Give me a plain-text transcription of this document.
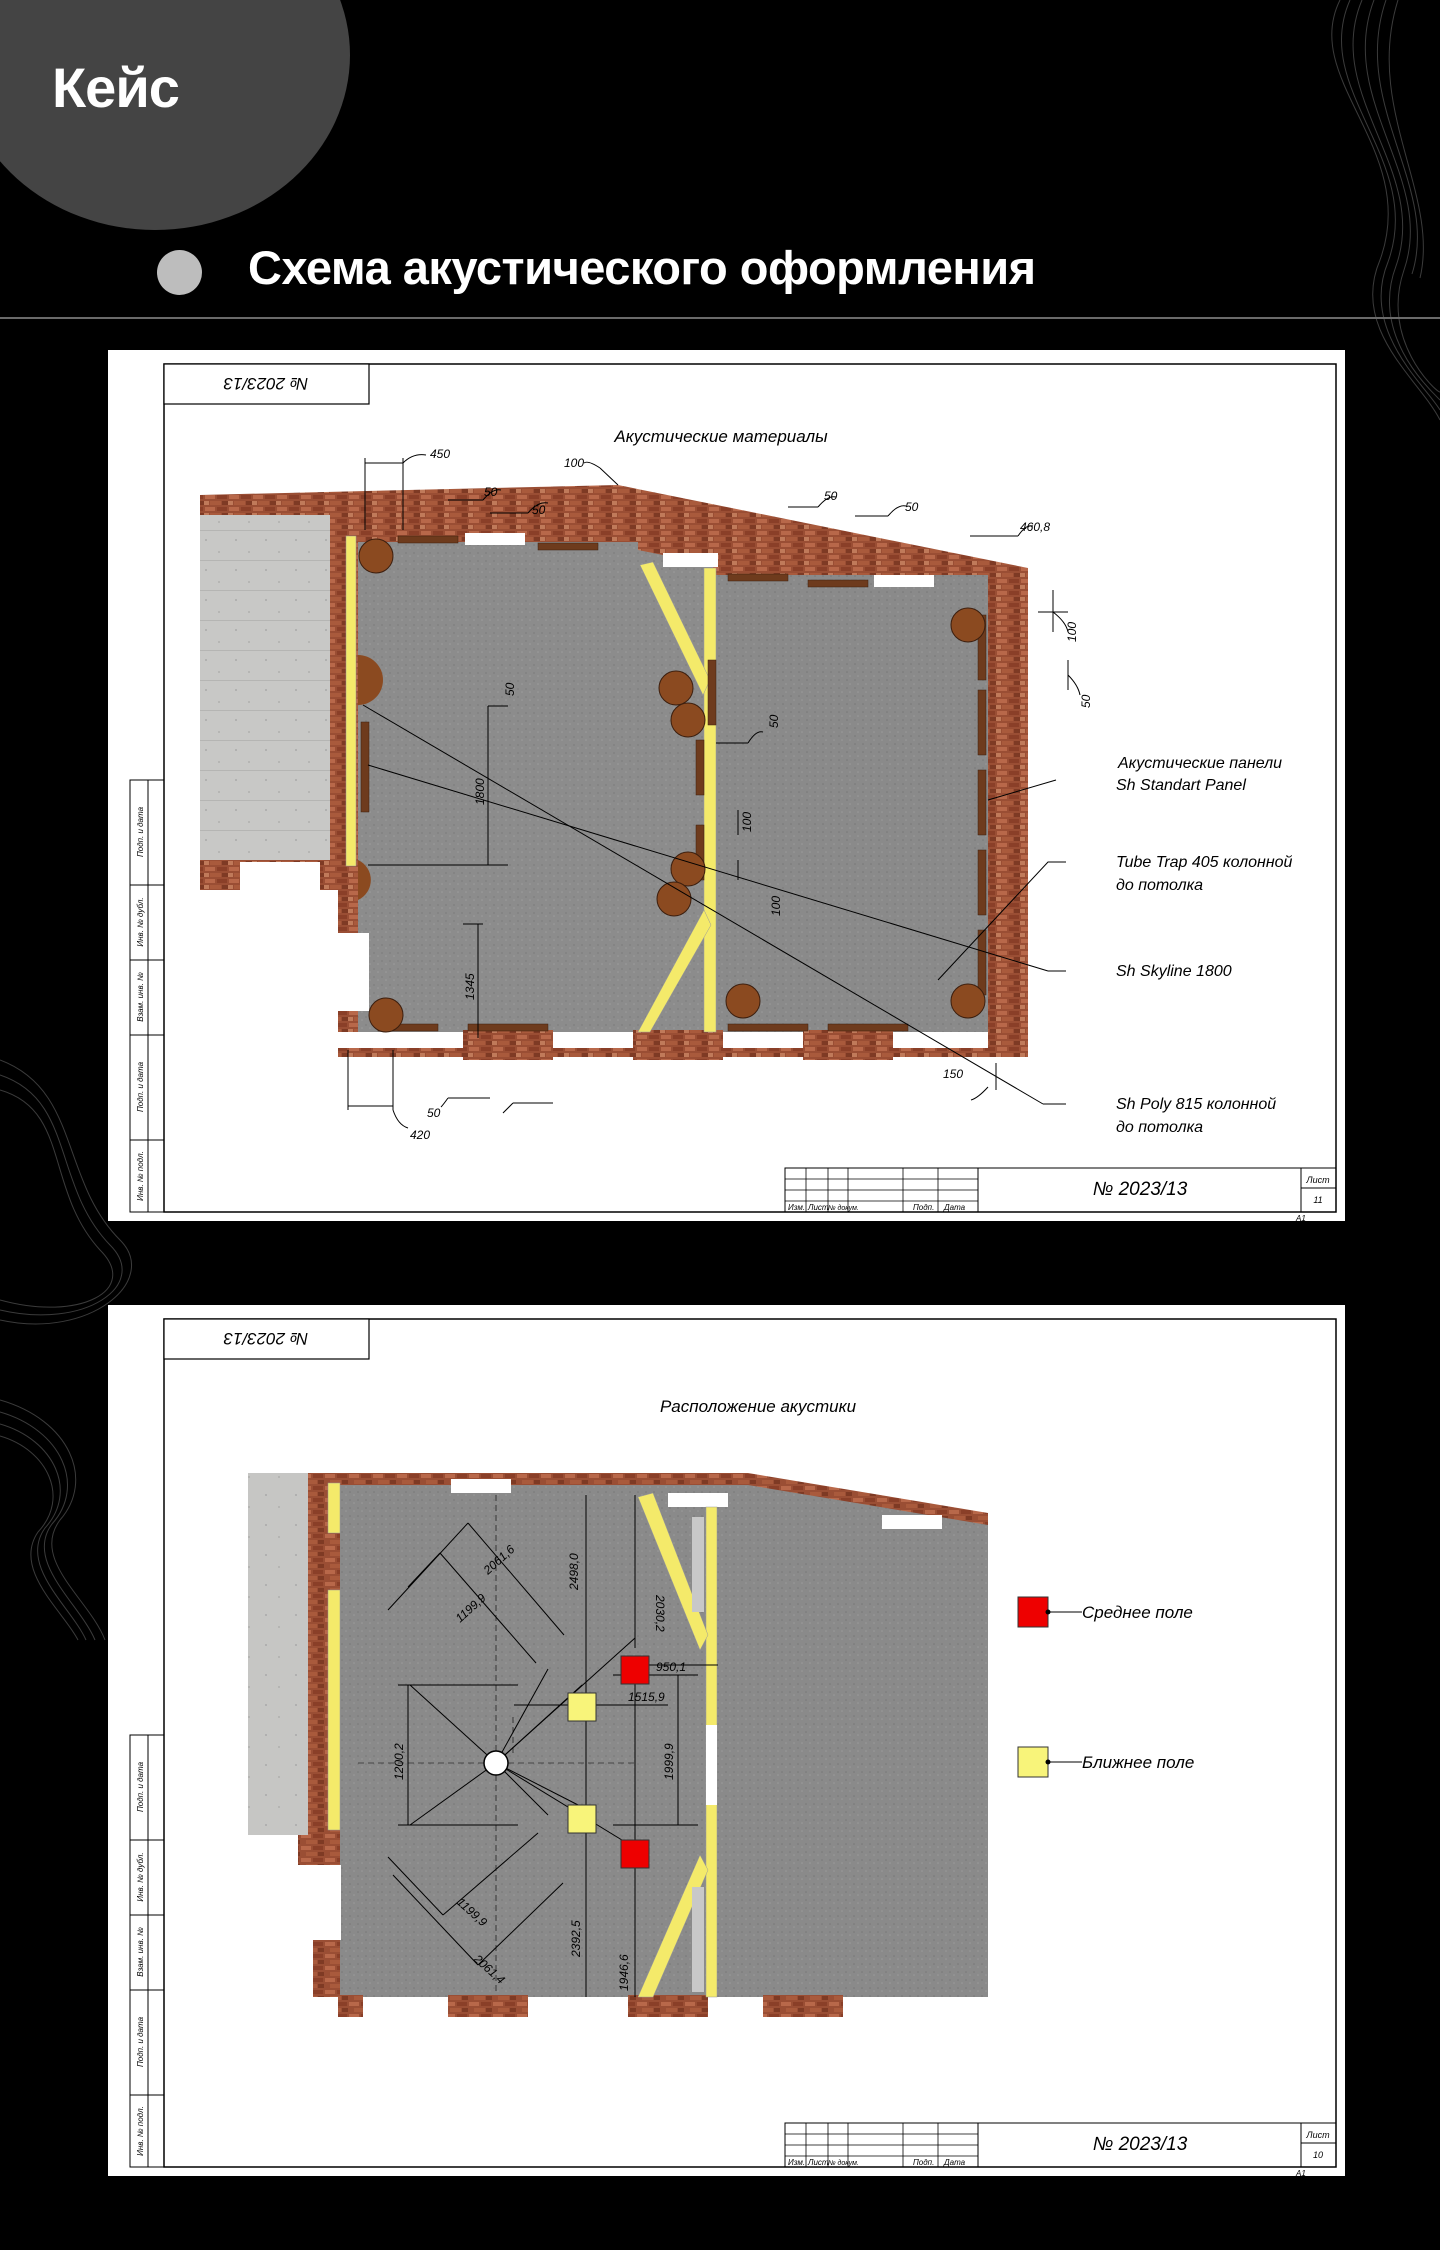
Кейс
Схема акустического оформления
№ 2023/13
Подп. и дата
Инв. № дубл.
Взам. инв. №
Подп. и дата
Инв. № подл.
Акустические материалы
450
50
50
100
50
50
460,8
100
50
50
1800
1345
50
100
100
150
420
50
Акустические панели
Sh Standart Panel
Tube Trap 405 колонной
до потолка
Sh Skyline 1800
Sh Poly 815 колонной
до потолка
Изм. Лист № докум.	Подп. Дата
№ 2023/13	Лист
11
А1
№ 2023/13
Подп. и дата
Инв. № дубл.
Взам. инв. №
Подп. и дата
Инв. № подл.
Расположение акустики
2061,6
1199,9
2498,0
2030,2
950,1
1515,9
1200,2	1999,9
1199,9
2392,5
2061,4	1946,6
Среднее поле
Ближнее поле
Изм. Лист № докум.	Подп. Дата
№ 2023/13	Лист
10
А1
